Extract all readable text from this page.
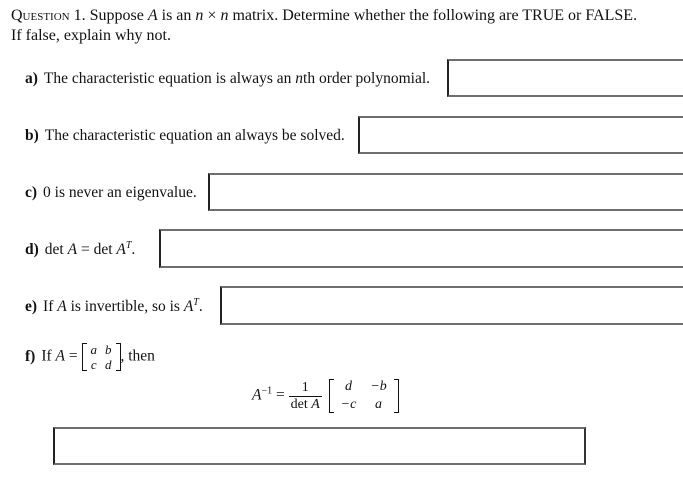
Question 1. Suppose A is an n × n matrix. Determine whether the following are TRUE or FALSE. If false, explain why not.
a) The characteristic equation is always an nth order polynomial.
b) The characteristic equation an always be solved.
c) 0 is never an eigenvalue.
d) $\det A = \det A^T$.
e) If A is invertible, so is $A^T$.
f) If A = a	b
c	d , then
$A^{-1} = \frac{1}{\text{det A}}$
d	−b
−c	a
